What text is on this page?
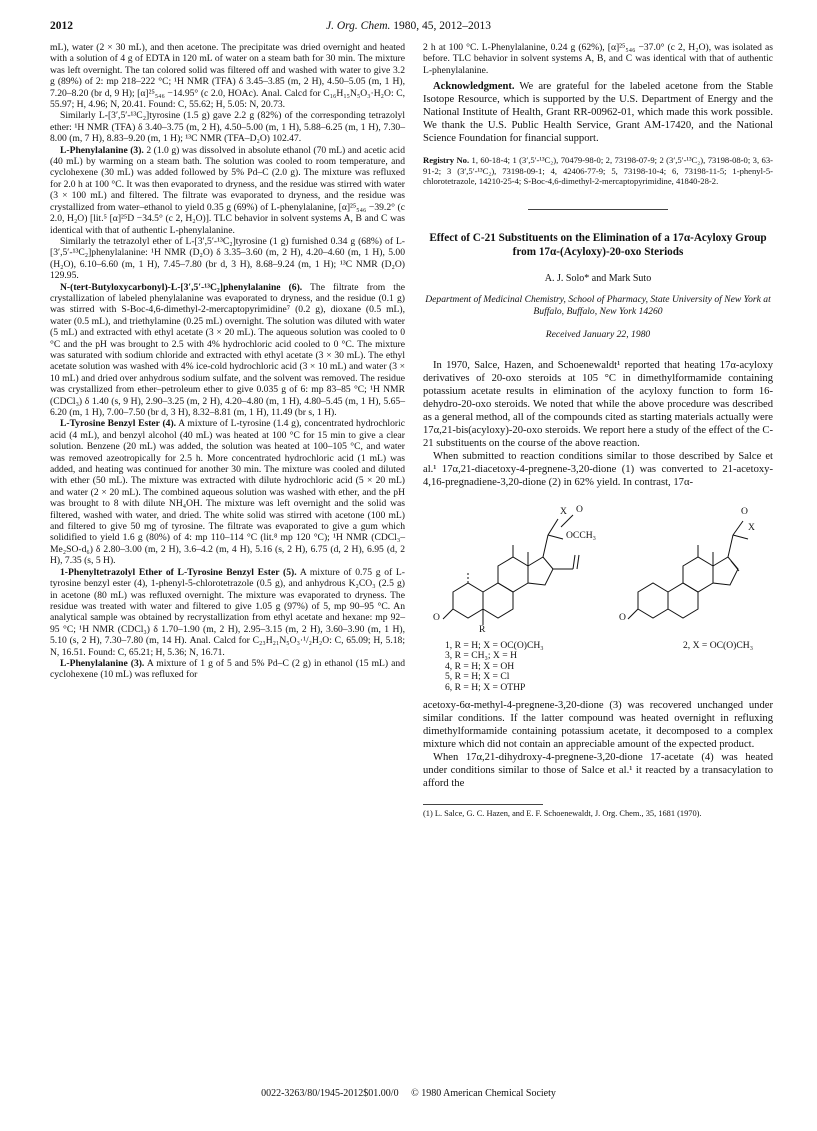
2012	J. Org. Chem. 1980, 45, 2012–2013

mL), water (2 × 30 mL), and then acetone. The precipitate was dried overnight and heated with a solution of 4 g of EDTA in 120 mL of water on a steam bath for 30 min. The mixture was left overnight. The tan colored solid was filtered off and washed with water to give 3.2 g (89%) of 2: mp 218–222 °C; ¹H NMR (TFA) δ 3.45–3.85 (m, 2 H), 4.50–5.05 (m, 1 H), 7.20–8.20 (br d, 9 H); [α]²⁵₅₄₆ −14.95° (c 2.0, HOAc). Anal. Calcd for C₁₆H₁₅N₅O₃·H₂O: C, 55.97; H, 4.96; N, 20.41. Found: C, 55.62; H, 5.05: N, 20.73.

Similarly L-[3′,5′-¹³C₂]tyrosine (1.5 g) gave 2.2 g (82%) of the corresponding tetrazolyl ether: ¹H NMR (TFA) δ 3.40–3.75 (m, 2 H), 4.50–5.00 (m, 1 H), 5.88–6.25 (m, 1 H), 7.30–8.00 (m, 7 H), 8.83–9.20 (m, 1 H); ¹³C NMR (TFA–D₂O) 102.47.

L-Phenylalanine (3). 2 (1.0 g) was dissolved in absolute ethanol (70 mL) and acetic acid (40 mL) by warming on a steam bath. The solution was cooled to room temperature, and cyclohexene (30 mL) was added followed by 5% Pd–C (2.0 g). The mixture was refluxed for 2.0 h at 100 °C. It was then evaporated to dryness, and the residue was stirred with water (3 × 100 mL) and filtered. The filtrate was evaporated to dryness, and the residue was crystallized from water–ethanol to yield 0.35 g (69%) of L-phenylalanine, [α]²⁵₅₄₆ −39.2° (c 2.0, H₂O) [lit.⁵ [α]²⁵D −34.5° (c 2, H₂O)]. TLC behavior in solvent systems A, B and C was identical with that of authentic L-phenylalanine.

Similarly the tetrazolyl ether of L-[3′,5′-¹³C₂]tyrosine (1 g) furnished 0.34 g (68%) of L-[3′,5′-¹³C₂]phenylalanine: ¹H NMR (D₂O) δ 3.35–3.60 (m, 2 H), 4.20–4.60 (m, 1 H), 5.00 (H₂O), 6.10–6.60 (m, 1 H), 7.45–7.80 (br d, 3 H), 8.68–9.24 (m, 1 H); ¹³C NMR (D₂O) 129.95.

N-(tert-Butyloxycarbonyl)-L-[3′,5′-¹³C₂]phenylalanine (6). The filtrate from the crystallization of labeled phenylalanine was evaporated to dryness, and the residue (0.1 g) was stirred with S-Boc-4,6-dimethyl-2-mercaptopyrimidine⁷ (0.2 g), dioxane (0.5 mL), water (0.5 mL), and triethylamine (0.25 mL) overnight. The solution was diluted with water (5 mL) and extracted with ethyl acetate (3 × 20 mL). The aqueous solution was cooled to 0 °C and the pH was brought to 2.5 with 4% hydrochloric acid cooled to 0 °C. The mixture was saturated with sodium chloride and extracted with ethyl acetate (3 × 30 mL). The ethyl acetate solution was washed with 4% ice-cold hydrochloric acid (3 × 10 mL) and water (3 × 10 mL) and dried over anhydrous sodium sulfate, and the solvent was removed. The residue was crystallized from ether–petroleum ether to give 0.035 g of 6: mp 83–85 °C; ¹H NMR (CDCl₃) δ 1.40 (s, 9 H), 2.90–3.25 (m, 2 H), 4.20–4.80 (m, 1 H), 4.80–5.45 (m, 1 H), 5.65–6.20 (m, 1 H), 7.00–7.50 (br d, 3 H), 8.32–8.81 (m, 1 H), 11.49 (br s, 1 H).

L-Tyrosine Benzyl Ester (4). A mixture of L-tyrosine (1.4 g), concentrated hydrochloric acid (4 mL), and benzyl alcohol (40 mL) was heated at 100 °C for 15 min to give a clear solution. Benzene (20 mL) was added, the solution was heated at 100–105 °C, and water was removed azeotropically for 2.5 h. More concentrated hydrochloric acid (1 mL) was added, and heating was continued for another 30 min. The mixture was cooled and diluted with ether (50 mL). The mixture was extracted with dilute hydrochloric acid (5 × 20 mL) and water (2 × 20 mL). The combined aqueous solution was washed with ether, and the pH was brought to 8 with dilute NH₄OH. The mixture was left overnight and the solid was filtered, washed with water, and dried. The white solid was stirred with acetone (100 mL) and filtered to give 50 mg of tyrosine. The filtrate was evaporated to give a gum which solidified to yield 1.6 g (80%) of 4: mp 110–114 °C (lit.⁸ mp 120 °C); ¹H NMR (CDCl₃–Me₂SO-d₆) δ 2.80–3.00 (m, 2 H), 3.6–4.2 (m, 4 H), 5.16 (s, 2 H), 6.75 (d, 2 H), 6.95 (d, 2 H), 7.35 (s, 5 H).

1-Phenyltetrazolyl Ether of L-Tyrosine Benzyl Ester (5). A mixture of 0.75 g of L-tyrosine benzyl ester (4), 1-phenyl-5-chlorotetrazole (0.5 g), and anhydrous K₂CO₃ (2.5 g) in acetone (80 mL) was refluxed overnight. The mixture was evaporated to dryness. The residue was treated with water and filtered to give 1.05 g (97%) of 5, mp 90–95 °C. An analytical sample was obtained by recrystallization from ethyl acetate and hexane: mp 92–95 °C; ¹H NMR (CDCl₃) δ 1.70–1.90 (m, 2 H), 2.95–3.15 (m, 2 H), 3.60–3.90 (m, 1 H), 5.10 (s, 2 H), 7.30–7.80 (m, 14 H). Anal. Calcd for C₂₃H₂₁N₅O₃·¹/₂H₂O: C, 65.09; H, 5.18; N, 16.51. Found: C, 65.21; H, 5.36; N, 16.71.

L-Phenylalanine (3). A mixture of 1 g of 5 and 5% Pd–C (2 g) in ethanol (15 mL) and cyclohexene (10 mL) was refluxed for

2 h at 100 °C. L-Phenylalanine, 0.24 g (62%), [α]²⁵₅₄₆ −37.0° (c 2, H₂O), was isolated as before. TLC behavior in solvent systems A, B, and C was identical with that of authentic L-phenylalanine.

Acknowledgment. We are grateful for the labeled acetone from the Stable Isotope Resource, which is supported by the U.S. Department of Energy and the National Institute of Health, Grant RR-00962-01, which made this work possible. We thank the U.S. Public Health Service, Grant AM-17420, and the National Science Foundation for financial support.

Registry No. 1, 60-18-4; 1 (3′,5′-¹³C₂), 70479-98-0; 2, 73198-07-9; 2 (3′,5′-¹³C₂), 73198-08-0; 3, 63-91-2; 3 (3′,5′-¹³C₂), 73198-09-1; 4, 42406-77-9; 5, 73198-10-4; 6, 73198-11-5; 1-phenyl-5-chlorotetrazole, 14210-25-4; S-Boc-4,6-dimethyl-2-mercaptopyrimidine, 41840-28-2.

Effect of C-21 Substituents on the Elimination of a 17α-Acyloxy Group from 17α-(Acyloxy)-20-oxo Steriods
A. J. Solo* and Mark Suto
Department of Medicinal Chemistry, School of Pharmacy, State University of New York at Buffalo, Buffalo, New York 14260
Received January 22, 1980

In 1970, Salce, Hazen, and Schoenewaldt¹ reported that heating 17α-acyloxy derivatives of 20-oxo steroids at 105 °C in dimethylformamide containing potassium acetate results in elimination of the acyloxy function to form 16-dehydro-20-oxo steroids. We noted that while the above procedure was described as a general method, all of the compounds cited as starting materials actually were 17α,21-bis(acyloxy)-20-oxo steroids. We report here a study of the effect of the C-21 substituents on the course of the above reaction.

When submitted to reaction conditions similar to those described by Salce et al.¹ 17α,21-diacetoxy-4-pregnene-3,20-dione (1) was converted to 21-acetoxy-4,16-pregnadiene-3,20-dione (2) in 62% yield. In contrast, 17α-

X O
OCCH₃
O
R
X
O
O
1, R = H; X = OC(O)CH₃
3, R = CH₃; X = H
4, R = H; X = OH
5, R = H; X = Cl
6, R = H; X = OTHP
2, X = OC(O)CH₃

acetoxy-6α-methyl-4-pregnene-3,20-dione (3) was recovered unchanged under similar conditions. If the latter compound was heated overnight in refluxing dimethylformamide containing potassium acetate, it decomposed to a complex mixture which did not contain an appreciable amount of the expected product.

When 17α,21-dihydroxy-4-pregnene-3,20-dione 17-acetate (4) was heated under conditions similar to those of Salce et al.¹ it reacted by a transacylation to afford the

(1) L. Salce, G. C. Hazen, and E. F. Schoenewaldt, J. Org. Chem., 35, 1681 (1970).
0022-3263/80/1945-2012$01.00/0 © 1980 American Chemical Society
